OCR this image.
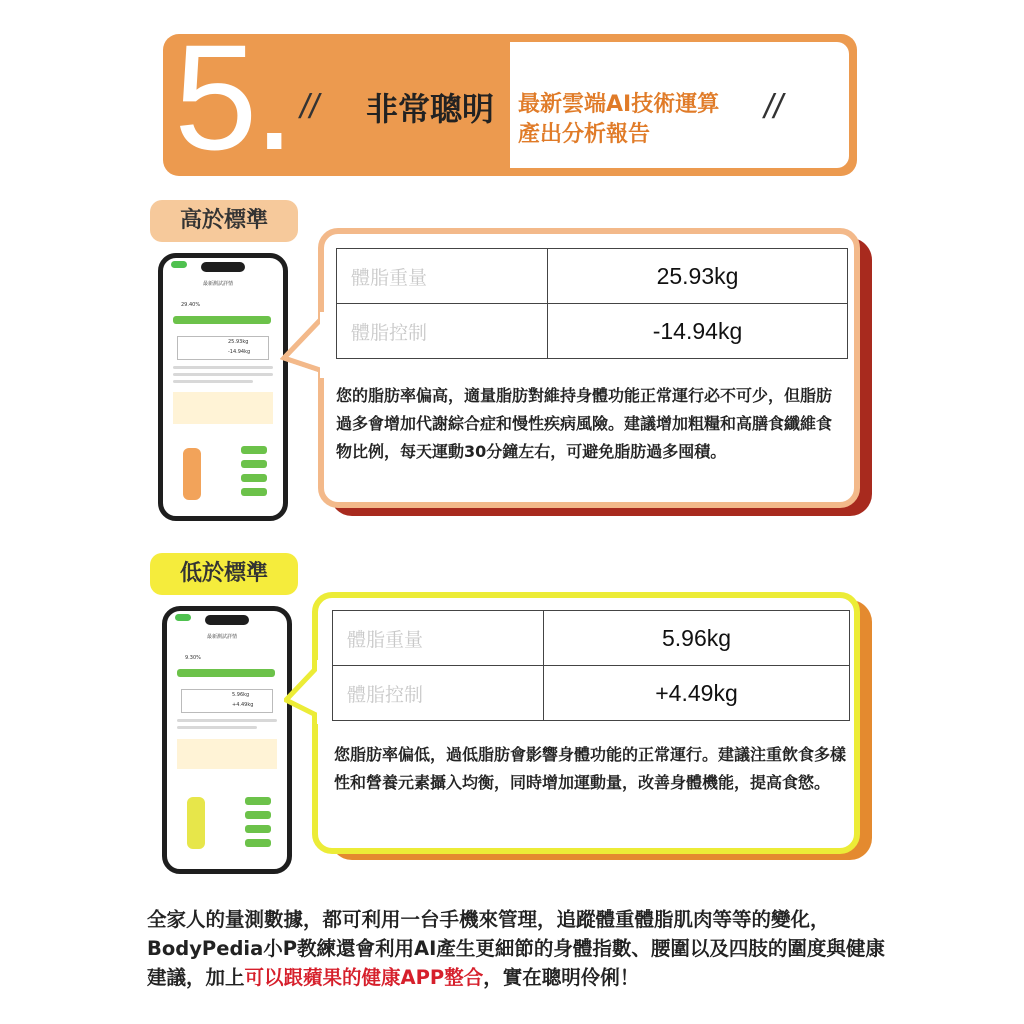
5. // 非常聰明 最新雲端AI技術運算
產出分析報告
//
高於標準
最新測試詳情
29.40%
25.93kg
-14.94kg
體脂重量	25.93kg
體脂控制	-14.94kg
您的脂肪率偏高，適量脂肪對維持身體功能正常運行必不可少，但脂肪過多會增加代謝綜合症和慢性疾病風險。建議增加粗糧和高膳食纖維食物比例，每天運動30分鐘左右，可避免脂肪過多囤積。
低於標準
最新測試詳情
9.30%
5.96kg
+4.49kg
體脂重量	5.96kg
體脂控制	+4.49kg
您脂肪率偏低，過低脂肪會影響身體功能的正常運行。建議注重飲食多樣性和營養元素攝入均衡，同時增加運動量，改善身體機能，提高食慾。
全家人的量測數據，都可利用一台手機來管理，追蹤體重體脂肌肉等等的變化，BodyPedia小P教練還會利用AI產生更細節的身體指數、腰圍以及四肢的圍度與健康建議，加上可以跟蘋果的健康APP整合，實在聰明伶俐！
